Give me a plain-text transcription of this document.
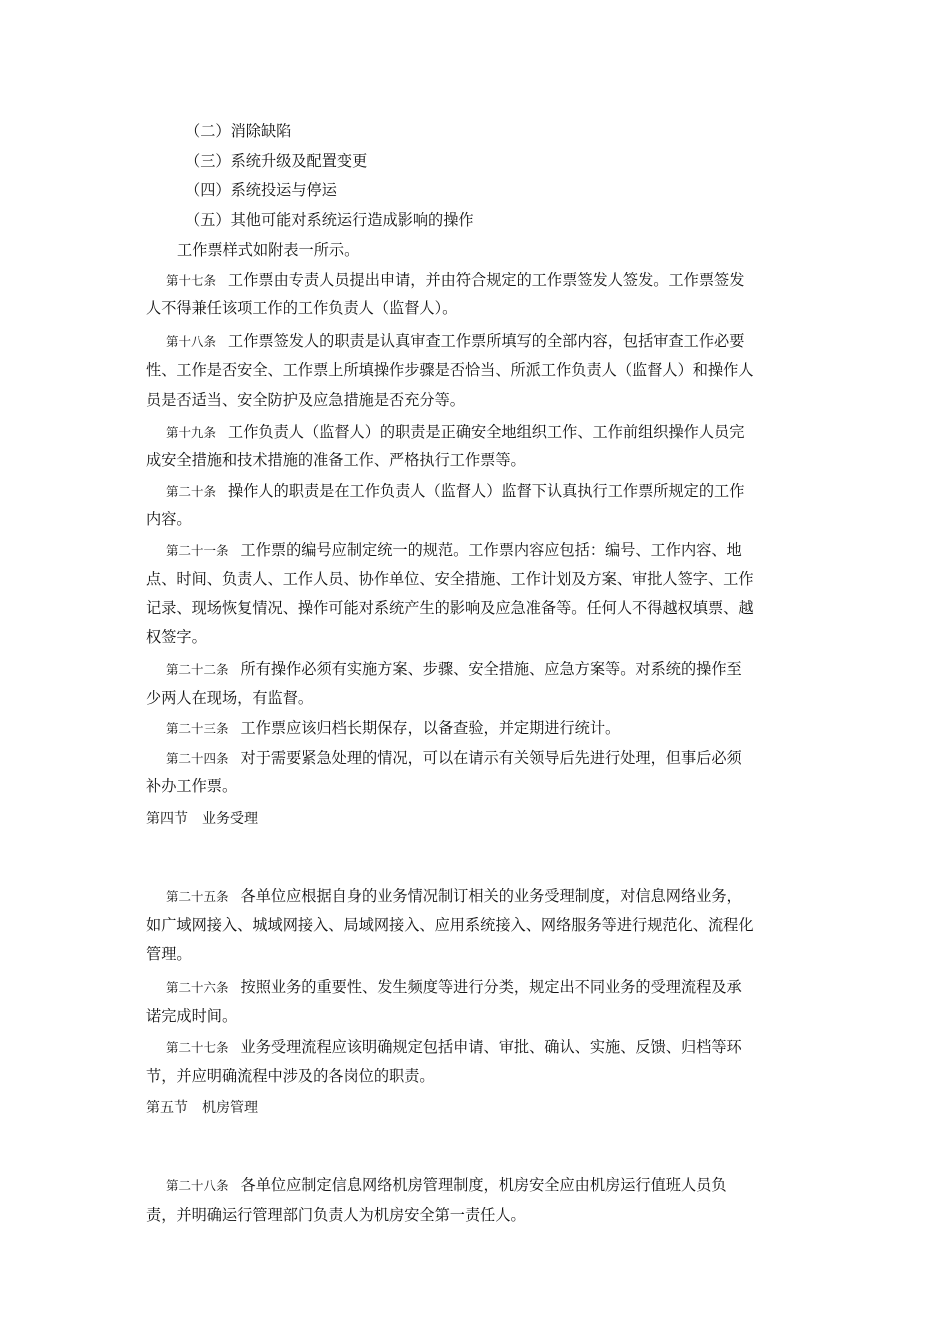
（二）消除缺陷

（三）系统升级及配置变更

（四）系统投运与停运

（五）其他可能对系统运行造成影响的操作

工作票样式如附表一所示。

第十七条 工作票由专责人员提出申请，并由符合规定的工作票签发人签发。工作票签发

人不得兼任该项工作的工作负责人（监督人）。

第十八条 工作票签发人的职责是认真审查工作票所填写的全部内容，包括审查工作必要

性、工作是否安全、工作票上所填操作步骤是否恰当、所派工作负责人（监督人）和操作人

员是否适当、安全防护及应急措施是否充分等。

第十九条 工作负责人（监督人）的职责是正确安全地组织工作、工作前组织操作人员完

成安全措施和技术措施的准备工作、严格执行工作票等。

第二十条 操作人的职责是在工作负责人（监督人）监督下认真执行工作票所规定的工作

内容。

第二十一条 工作票的编号应制定统一的规范。工作票内容应包括：编号、工作内容、地

点、时间、负责人、工作人员、协作单位、安全措施、工作计划及方案、审批人签字、工作

记录、现场恢复情况、操作可能对系统产生的影响及应急准备等。任何人不得越权填票、越

权签字。

第二十二条 所有操作必须有实施方案、步骤、安全措施、应急方案等。对系统的操作至

少两人在现场，有监督。

第二十三条 工作票应该归档长期保存，以备查验，并定期进行统计。

第二十四条 对于需要紧急处理的情况，可以在请示有关领导后先进行处理，但事后必须

补办工作票。

第四节　业务受理

第二十五条 各单位应根据自身的业务情况制订相关的业务受理制度，对信息网络业务，

如广域网接入、城域网接入、局域网接入、应用系统接入、网络服务等进行规范化、流程化

管理。

第二十六条 按照业务的重要性、发生频度等进行分类，规定出不同业务的受理流程及承

诺完成时间。

第二十七条 业务受理流程应该明确规定包括申请、审批、确认、实施、反馈、归档等环

节，并应明确流程中涉及的各岗位的职责。

第五节　机房管理

第二十八条 各单位应制定信息网络机房管理制度，机房安全应由机房运行值班人员负

责，并明确运行管理部门负责人为机房安全第一责任人。
